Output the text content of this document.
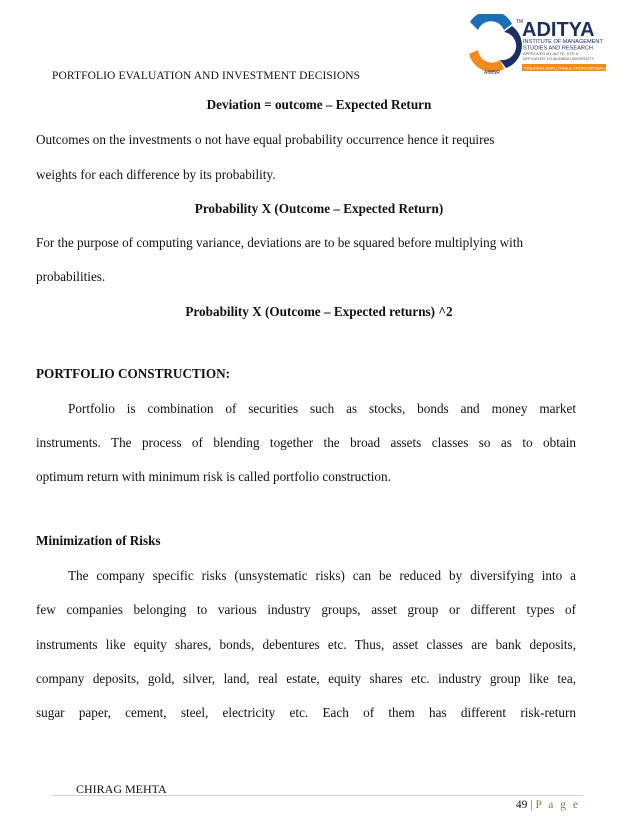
PORTFOLIO EVALUATION AND INVESTMENT DECISIONS
TM
ADITYA
INSTITUTE OF MANAGEMENT
STUDIES AND RESEARCH
APPROVED BY AICTE, DTE &
AFFILIATED TO MUMBAI UNIVERSITY
AIMSR
CREATING EMPLOYABLE PROFESSIONALS
Deviation = outcome – Expected Return
Outcomes on the investments o not have equal probability occurrence hence it requires
weights for each difference by its probability.
Probability X (Outcome – Expected Return)
For the purpose of computing variance, deviations are to be squared before multiplying with
probabilities.
Probability X (Outcome – Expected returns) ^2
PORTFOLIO CONSTRUCTION:
Portfolio is combination of securities such as stocks, bonds and money market
instruments. The process of blending together the broad assets classes so as to obtain
optimum return with minimum risk is called portfolio construction.
Minimization of Risks
The company specific risks (unsystematic risks) can be reduced by diversifying into a
few companies belonging to various industry groups, asset group or different types of
instruments like equity shares, bonds, debentures etc. Thus, asset classes are bank deposits,
company deposits, gold, silver, land, real estate, equity shares etc. industry group like tea,
sugar paper, cement, steel, electricity etc. Each of them has different risk-return
CHIRAG MEHTA
49 | P a g e
